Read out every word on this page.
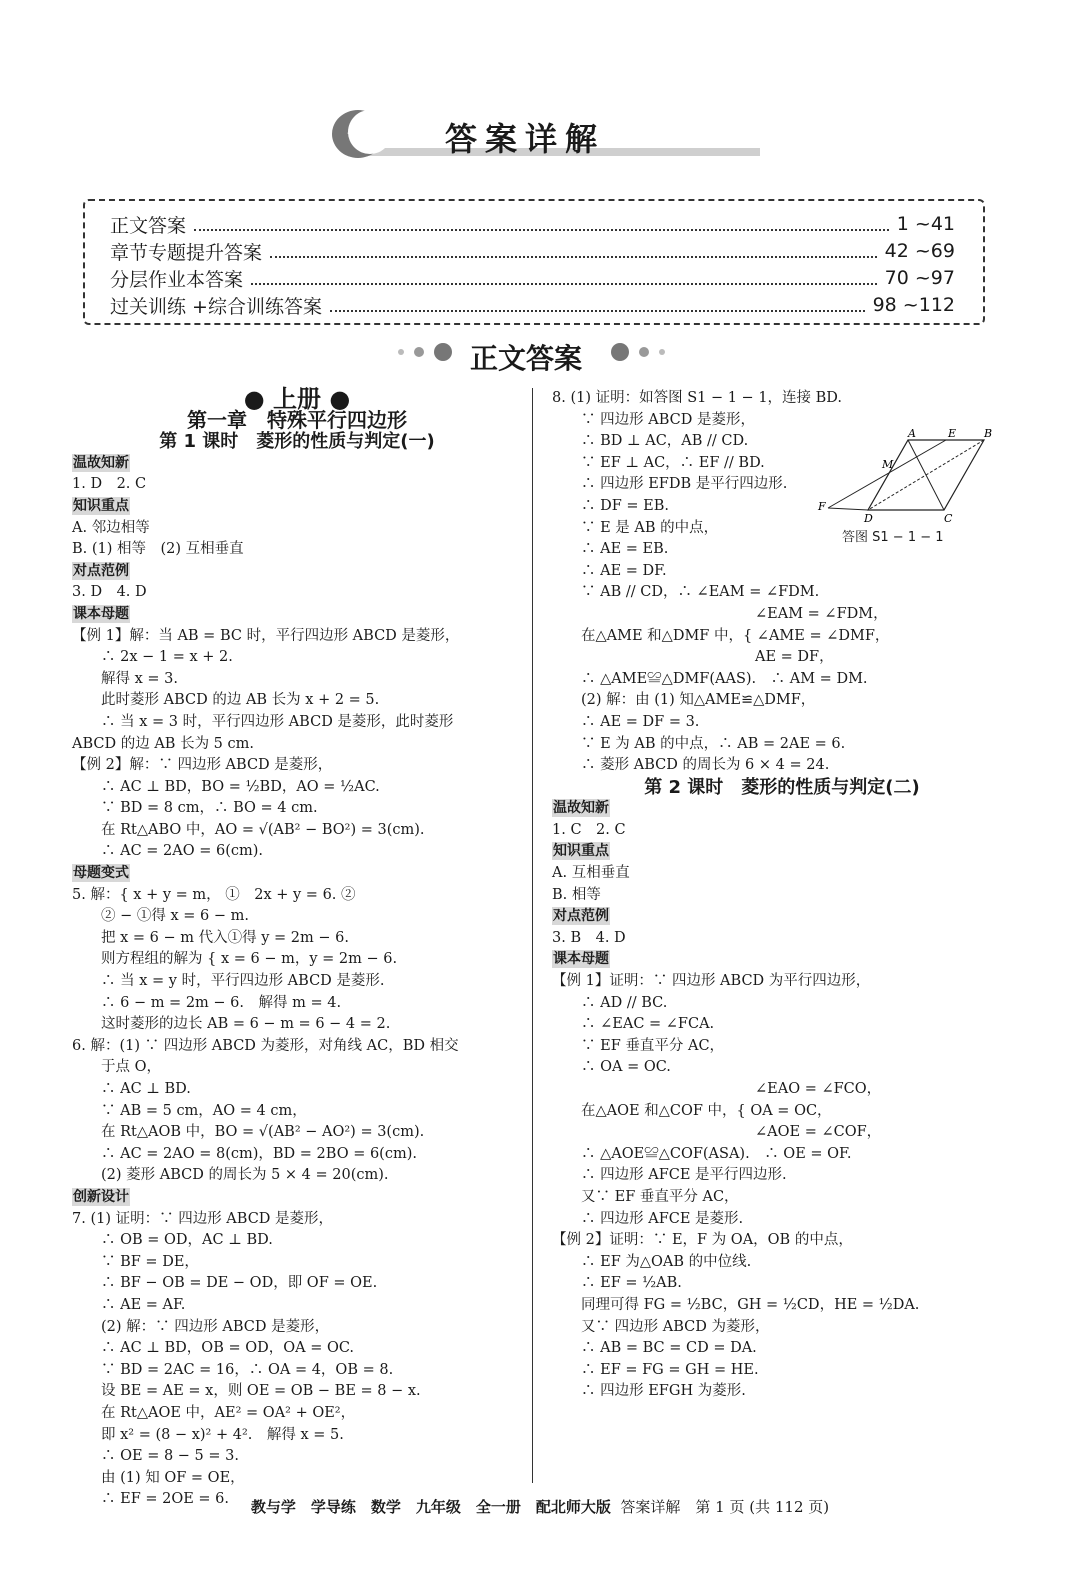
★	答案详解
正文答案	1 ~41
章节专题提升答案	42 ~69
分层作业本答案	70 ~97
过关训练 +综合训练答案	98 ~112
正文答案
● 上册 ●
第一章　特殊平行四边形
第 1 课时　菱形的性质与判定(一)
温故知新
1. D　2. C
知识重点
A. 邻边相等
B. (1) 相等　(2) 互相垂直
对点范例
3. D　4. D
课本母题
【例 1】解：当 AB = BC 时，平行四边形 ABCD 是菱形，
　　∴ 2x − 1 = x + 2.
　　解得 x = 3.
　　此时菱形 ABCD 的边 AB 长为 x + 2 = 5.
　　∴ 当 x = 3 时，平行四边形 ABCD 是菱形，此时菱形
ABCD 的边 AB 长为 5 cm.
【例 2】解：∵ 四边形 ABCD 是菱形，
　　∴ AC ⊥ BD，BO = ½BD，AO = ½AC.
　　∵ BD = 8 cm，∴ BO = 4 cm.
　　在 Rt△ABO 中，AO = √(AB² − BO²) = 3(cm).
　　∴ AC = 2AO = 6(cm).
母题变式
5. 解：{ x + y = m， ①　2x + y = 6. ②
　　② − ①得 x = 6 − m.
　　把 x = 6 − m 代入①得 y = 2m − 6.
　　则方程组的解为 { x = 6 − m，y = 2m − 6.
　　∴ 当 x = y 时，平行四边形 ABCD 是菱形.
　　∴ 6 − m = 2m − 6.　解得 m = 4.
　　这时菱形的边长 AB = 6 − m = 6 − 4 = 2.
6. 解：(1) ∵ 四边形 ABCD 为菱形，对角线 AC，BD 相交
　　于点 O，
　　∴ AC ⊥ BD.
　　∵ AB = 5 cm，AO = 4 cm，
　　在 Rt△AOB 中，BO = √(AB² − AO²) = 3(cm).
　　∴ AC = 2AO = 8(cm)，BD = 2BO = 6(cm).
　　(2) 菱形 ABCD 的周长为 5 × 4 = 20(cm).
创新设计
7. (1) 证明：∵ 四边形 ABCD 是菱形，
　　∴ OB = OD，AC ⊥ BD.
　　∵ BF = DE，
　　∴ BF − OB = DE − OD，即 OF = OE.
　　∴ AE = AF.
　　(2) 解：∵ 四边形 ABCD 是菱形，
　　∴ AC ⊥ BD，OB = OD，OA = OC.
　　∵ BD = 2AC = 16，∴ OA = 4，OB = 8.
　　设 BE = AE = x，则 OE = OB − BE = 8 − x.
　　在 Rt△AOE 中，AE² = OA² + OE²，
　　即 x² = (8 − x)² + 4².　解得 x = 5.
　　∴ OE = 8 − 5 = 3.
　　由 (1) 知 OF = OE，
　　∴ EF = 2OE = 6.
8. (1) 证明：如答图 S1 − 1 − 1，连接 BD.
　　∵ 四边形 ABCD 是菱形，
　　∴ BD ⊥ AC，AB // CD.
　　∵ EF ⊥ AC，∴ EF // BD.
　　∴ 四边形 EFDB 是平行四边形.
　　∴ DF = EB.
　　∵ E 是 AB 的中点，
　　∴ AE = EB.
　　∴ AE = DF.
　　∵ AB // CD，∴ ∠EAM = ∠FDM.
　　　　　　　　　　　　　　∠EAM = ∠FDM，
　　在△AME 和△DMF 中，{ ∠AME = ∠DMF，
　　　　　　　　　　　　　　AE = DF，
　　∴ △AME≌△DMF(AAS).　∴ AM = DM.
　　(2) 解：由 (1) 知△AME≌△DMF，
　　∴ AE = DF = 3.
　　∵ E 为 AB 的中点，∴ AB = 2AE = 6.
　　∴ 菱形 ABCD 的周长为 6 × 4 = 24.
第 2 课时　菱形的性质与判定(二)
温故知新
1. C　2. C
知识重点
A. 互相垂直
B. 相等
对点范例
3. B　4. D
课本母题
【例 1】证明：∵ 四边形 ABCD 为平行四边形，
　　∴ AD // BC.
　　∴ ∠EAC = ∠FCA.
　　∵ EF 垂直平分 AC，
　　∴ OA = OC.
　　　　　　　　　　　　　　∠EAO = ∠FCO，
　　在△AOE 和△COF 中，{ OA = OC，
　　　　　　　　　　　　　　∠AOE = ∠COF，
　　∴ △AOE≌△COF(ASA).　∴ OE = OF.
　　∴ 四边形 AFCE 是平行四边形.
　　又∵ EF 垂直平分 AC，
　　∴ 四边形 AFCE 是菱形.
【例 2】证明：∵ E，F 为 OA，OB 的中点，
　　∴ EF 为△OAB 的中位线.
　　∴ EF = ½AB.
　　同理可得 FG = ½BC，GH = ½CD，HE = ½DA.
　　又∵ 四边形 ABCD 为菱形，
　　∴ AB = BC = CD = DA.
　　∴ EF = FG = GH = HE.
　　∴ 四边形 EFGH 为菱形.
A	E	B
M
F
D	C
答图 S1 − 1 − 1
教与学　学导练　数学　九年级　全一册　配北师大版 答案详解　第 1 页 (共 112 页)
